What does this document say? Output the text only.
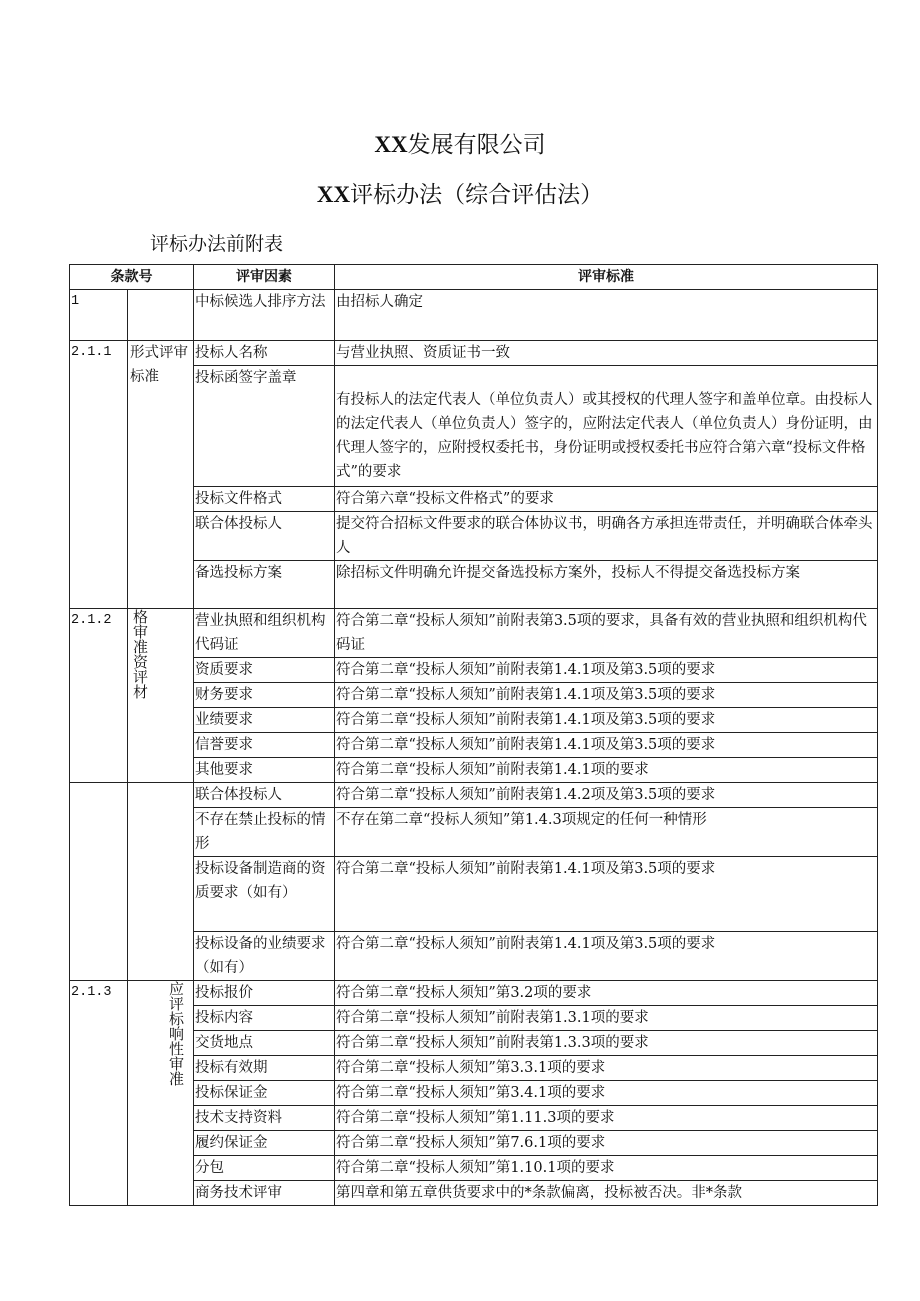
XX发展有限公司
XX评标办法（综合评估法）
评标办法前附表
条款号		评审因素	评审标准
1		中标候选人排序方法	由招标人确定
2.1.1	形式评审标准	投标人名称	与营业执照、资质证书一致
		投标函签字盖章	有投标人的法定代表人（单位负责人）或其授权的代理人签字和盖单位章。由投标人的法定代表人（单位负责人）签字的，应附法定代表人（单位负责人）身份证明，由代理人签字的，应附授权委托书，身份证明或授权委托书应符合第六章“投标文件格式”的要求
		投标文件格式	符合第六章“投标文件格式”的要求
		联合体投标人	提交符合招标文件要求的联合体协议书，明确各方承担连带责任，并明确联合体牵头人
		备选投标方案	除招标文件明确允许提交备选投标方案外，投标人不得提交备选投标方案
2.1.2	格审准资评材	营业执照和组织机构代码证	符合第二章“投标人须知”前附表第3.5项的要求，具备有效的营业执照和组织机构代码证
		资质要求	符合第二章“投标人须知”前附表第1.4.1项及第3.5项的要求
		财务要求	符合第二章“投标人须知”前附表第1.4.1项及第3.5项的要求
		业绩要求	符合第二章“投标人须知”前附表第1.4.1项及第3.5项的要求
		信誉要求	符合第二章“投标人须知”前附表第1.4.1项及第3.5项的要求
		其他要求	符合第二章“投标人须知”前附表第1.4.1项的要求
		联合体投标人	符合第二章“投标人须知”前附表第1.4.2项及第3.5项的要求
		不存在禁止投标的情形	不存在第二章“投标人须知”第1.4.3项规定的任何一种情形
		投标设备制造商的资质要求（如有）	符合第二章“投标人须知”前附表第1.4.1项及第3.5项的要求
		投标设备的业绩要求（如有）	符合第二章“投标人须知”前附表第1.4.1项及第3.5项的要求
2.1.3	应评标响性审准	投标报价	符合第二章“投标人须知”第3.2项的要求
		投标内容	符合第二章“投标人须知”前附表第1.3.1项的要求
		交货地点	符合第二章“投标人须知”前附表第1.3.3项的要求
		投标有效期	符合第二章“投标人须知”第3.3.1项的要求
		投标保证金	符合第二章“投标人须知”第3.4.1项的要求
		技术支持资料	符合第二章“投标人须知”第1.11.3项的要求
		履约保证金	符合第二章“投标人须知”第7.6.1项的要求
		分包	符合第二章“投标人须知”第1.10.1项的要求
		商务技术评审	第四章和第五章供货要求中的*条款偏离，投标被否决。非*条款
